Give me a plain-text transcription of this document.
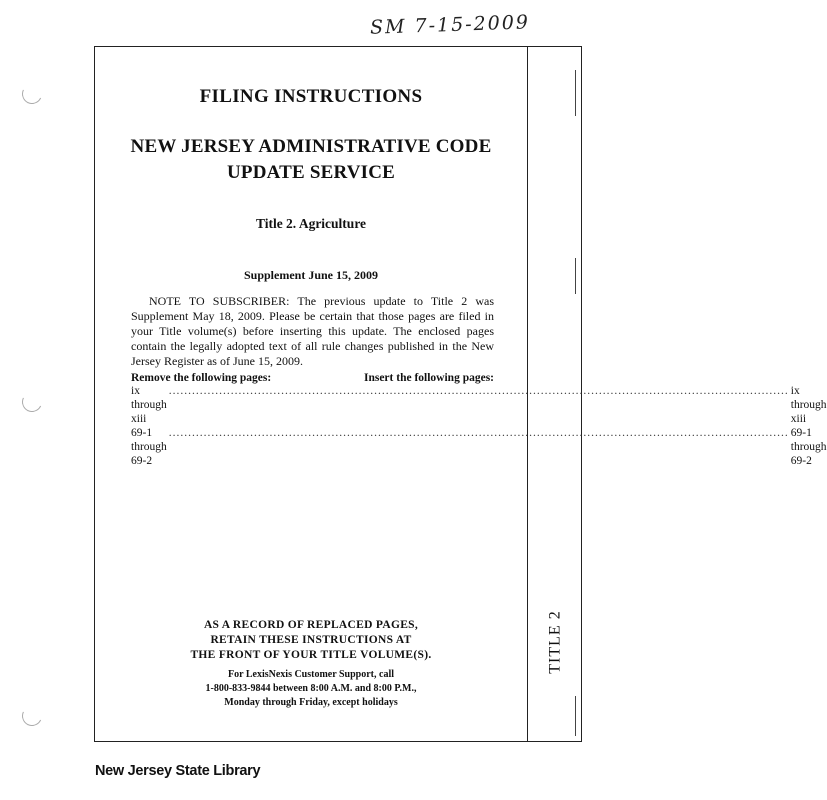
SM 7-15-2009
TITLE 2
FILING INSTRUCTIONS
NEW JERSEY ADMINISTRATIVE CODE
UPDATE SERVICE
Title 2. Agriculture
Supplement June 15, 2009

NOTE TO SUBSCRIBER: The previous update to Title 2 was Supplement May 18, 2009. Please be certain that those pages are filed in your Title volume(s) before inserting this update. The enclosed pages contain the legally adopted text of all rule changes published in the New Jersey Register as of June 15, 2009.

Remove the following pages:	Insert the following pages:
ix through xiii
................................................................................................................................................................ ix through xiii
69-1 through 69-2
................................................................................................................................................................ 69-1 through 69-2
AS A RECORD OF REPLACED PAGES,
RETAIN THESE INSTRUCTIONS AT
THE FRONT OF YOUR TITLE VOLUME(S).
For LexisNexis Customer Support, call
1-800-833-9844 between 8:00 A.M. and 8:00 P.M.,
Monday through Friday, except holidays
New Jersey State Library
